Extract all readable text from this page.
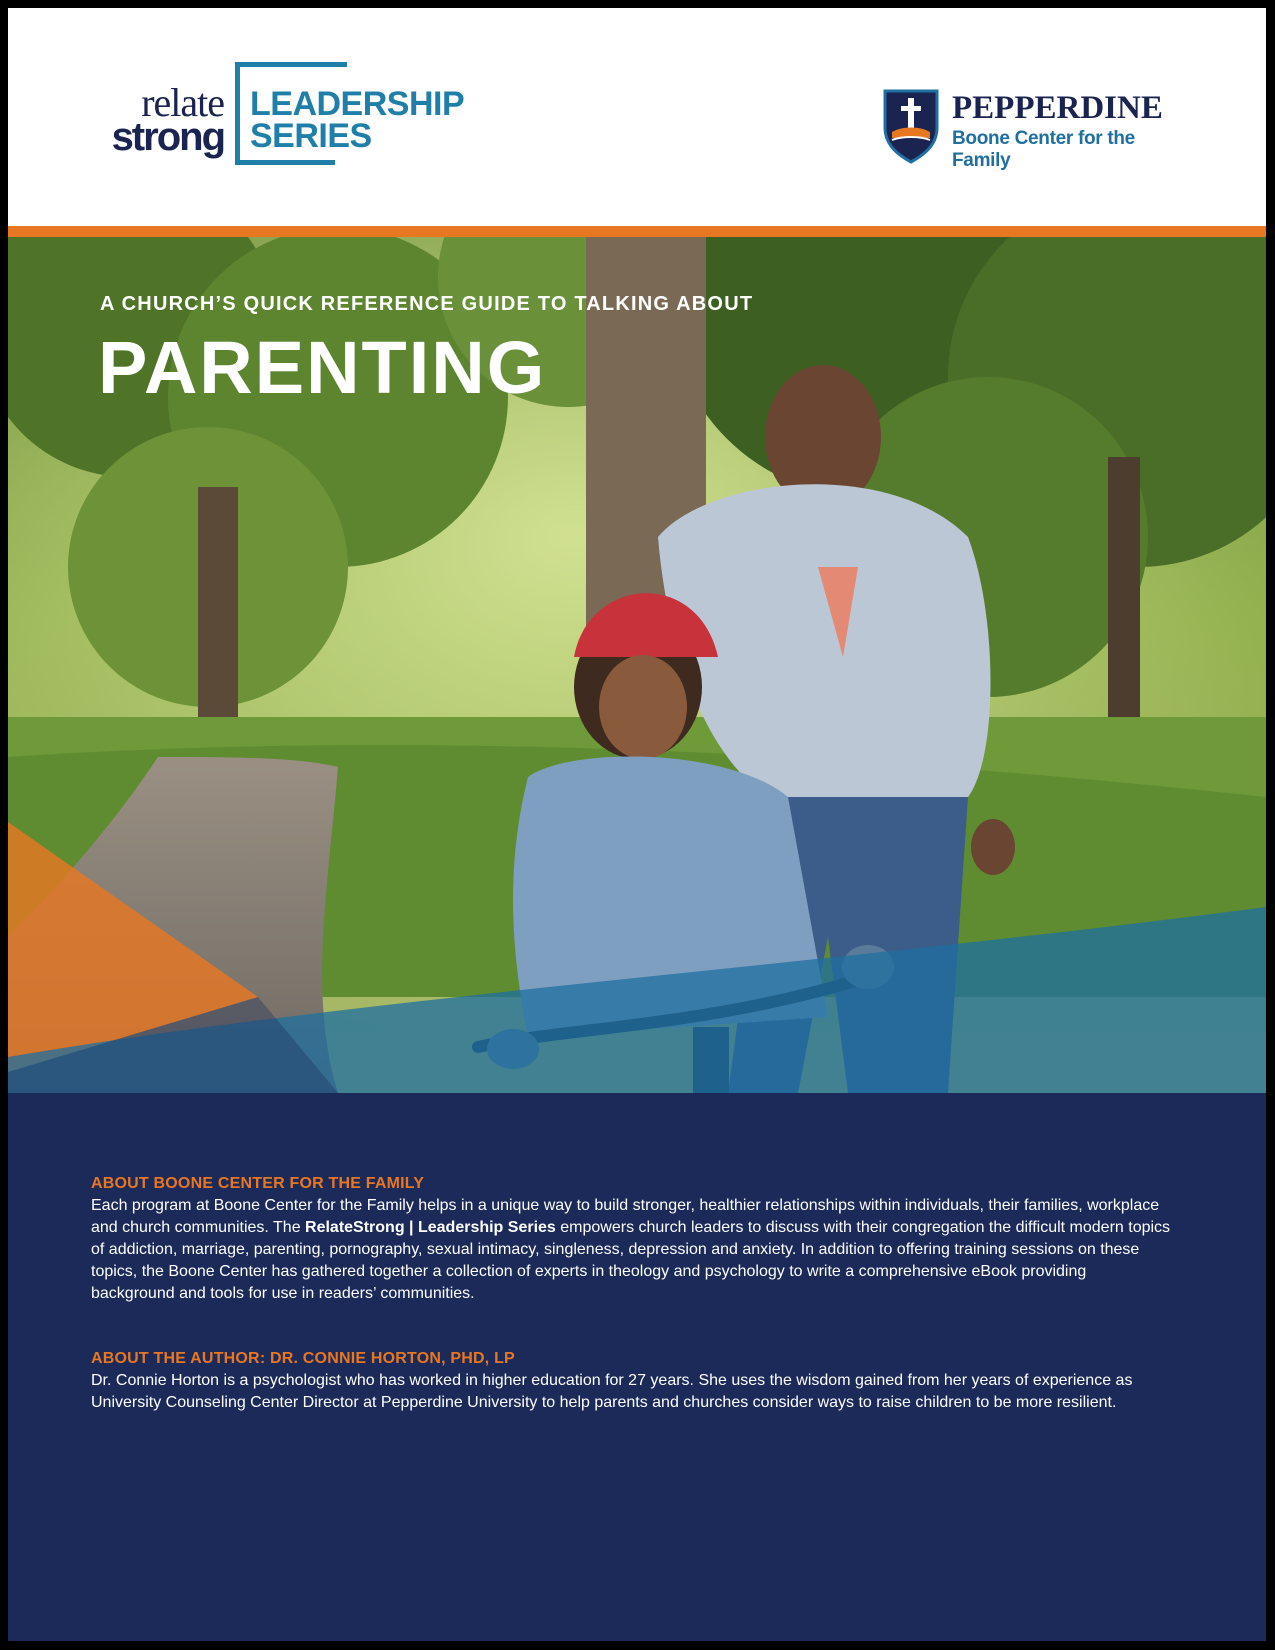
relate
strong
LEADERSHIP
SERIES
PEPPERDINE
Boone Center for the Family
A CHURCH’S QUICK REFERENCE GUIDE TO TALKING ABOUT
PARENTING
ABOUT BOONE CENTER FOR THE FAMILY
Each program at Boone Center for the Family helps in a unique way to build stronger, healthier relationships within individuals, their families, workplace and church communities. The RelateStrong | Leadership Series empowers church leaders to discuss with their congregation the difficult modern topics of addiction, marriage, parenting, pornography, sexual intimacy, singleness, depression and anxiety. In addition to offering training sessions on these topics, the Boone Center has gathered together a collection of experts in theology and psychology to write a comprehensive eBook providing background and tools for use in readers’ communities.
ABOUT THE AUTHOR: DR. CONNIE HORTON, PHD, LP
Dr. Connie Horton is a psychologist who has worked in higher education for 27 years. She uses the wisdom gained from her years of experience as University Counseling Center Director at Pepperdine University to help parents and churches consider ways to raise children to be more resilient.
